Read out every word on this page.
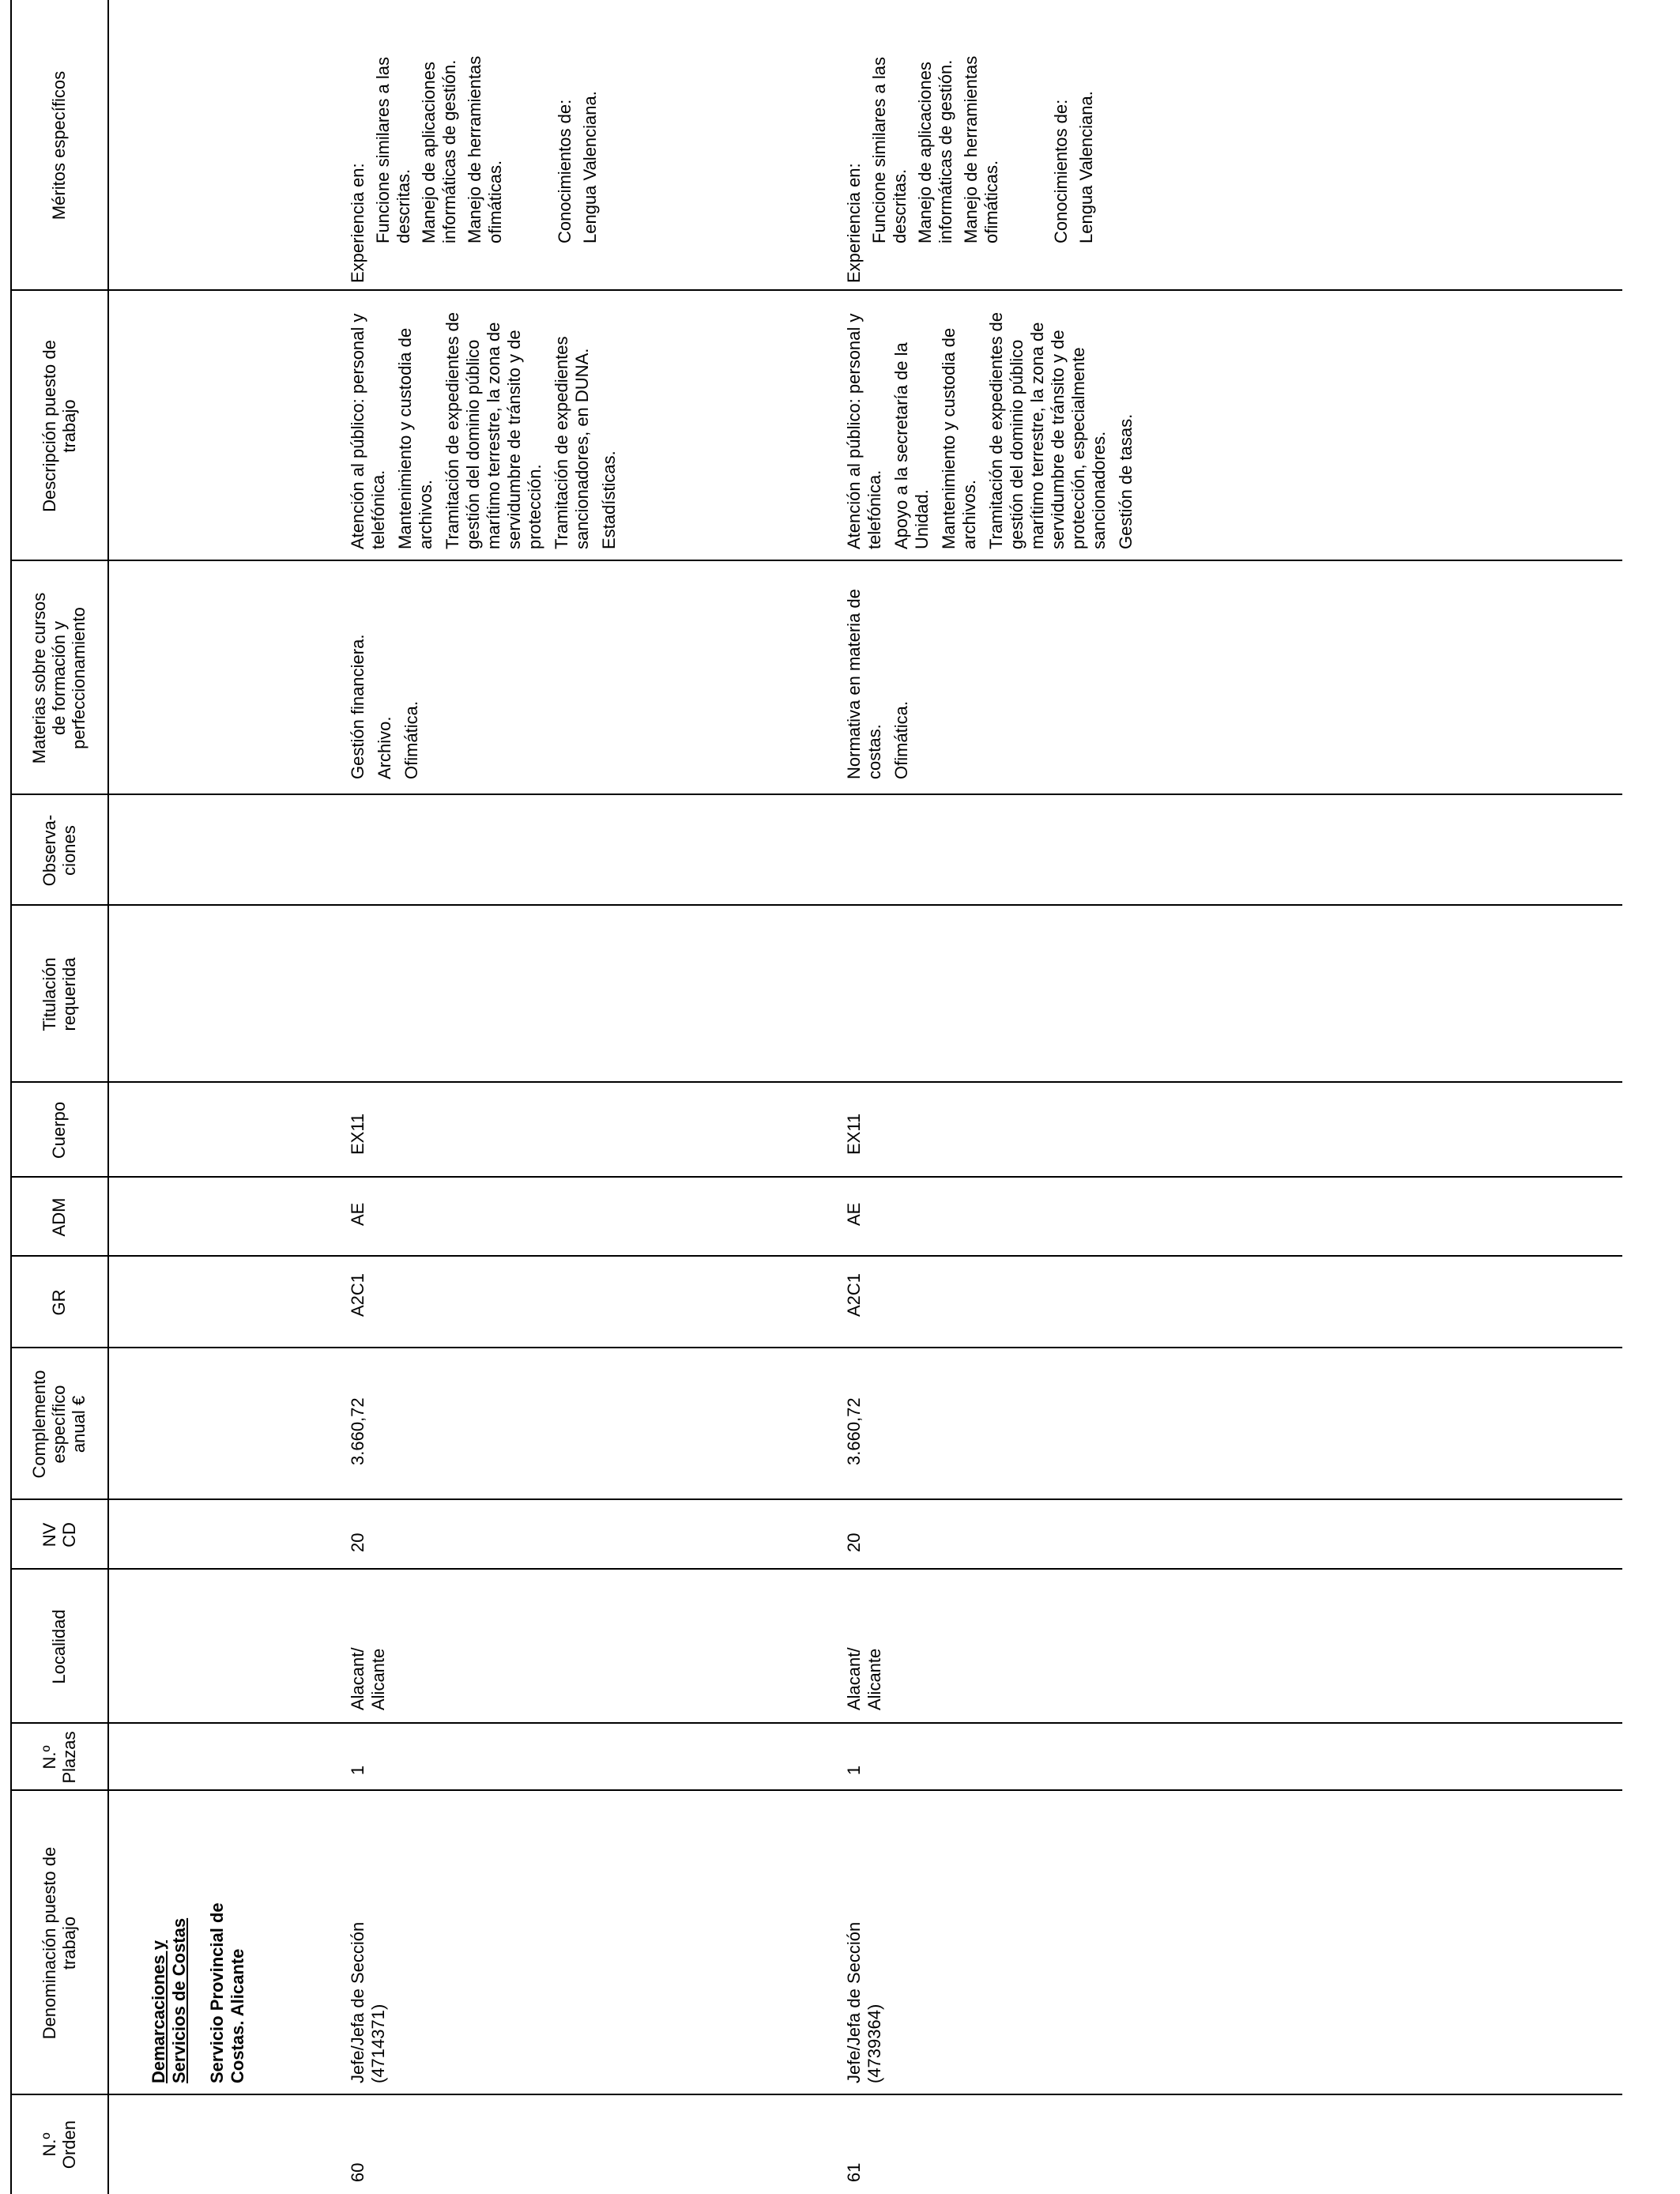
N.º
Orden
Denominación puesto de
trabajo
N.º
Plazas
Localidad
NV
CD
Complemento
específico
anual €
GR
ADM
Cuerpo
Titulación
requerida
Observa-
ciones
Materias sobre cursos
de formación y
perfeccionamiento
Descripción puesto de
trabajo
Méritos específicos
Demarcaciones y
Servicios de Costas Servicio Provincial de
Costas. Alicante
60
Jefe/Jefa de Sección
(4714371)
1
Alacant/
Alicante
20
3.660,72
A2C1
AE
EX11

Gestión financiera. Archivo. Ofimática.

Atención al público: personal y telefónica. Mantenimiento y custodia de archivos. Tramitación de expedientes de gestión del dominio público marítimo terrestre, la zona de servidumbre de tránsito y de protección. Tramitación de expedientes sancionadores, en DUNA. Estadísticas.

Experiencia en: Funcione similares a las descritas. Manejo de aplicaciones informáticas de gestión. Manejo de herramientas ofimáticas.	Conocimientos de: Lengua Valenciana.
61
Jefe/Jefa de Sección
(4739364)
1
Alacant/
Alicante
20
3.660,72
A2C1
AE
EX11

Normativa en materia de costas. Ofimática.

Atención al público: personal y telefónica. Apoyo a la secretaría de la Unidad. Mantenimiento y custodia de archivos. Tramitación de expedientes de gestión del dominio público marítimo terrestre, la zona de servidumbre de tránsito y de protección, especialmente sancionadores. Gestión de tasas.

Experiencia en: Funcione similares a las descritas. Manejo de aplicaciones informáticas de gestión. Manejo de herramientas ofimáticas.	Conocimientos de: Lengua Valenciana.
